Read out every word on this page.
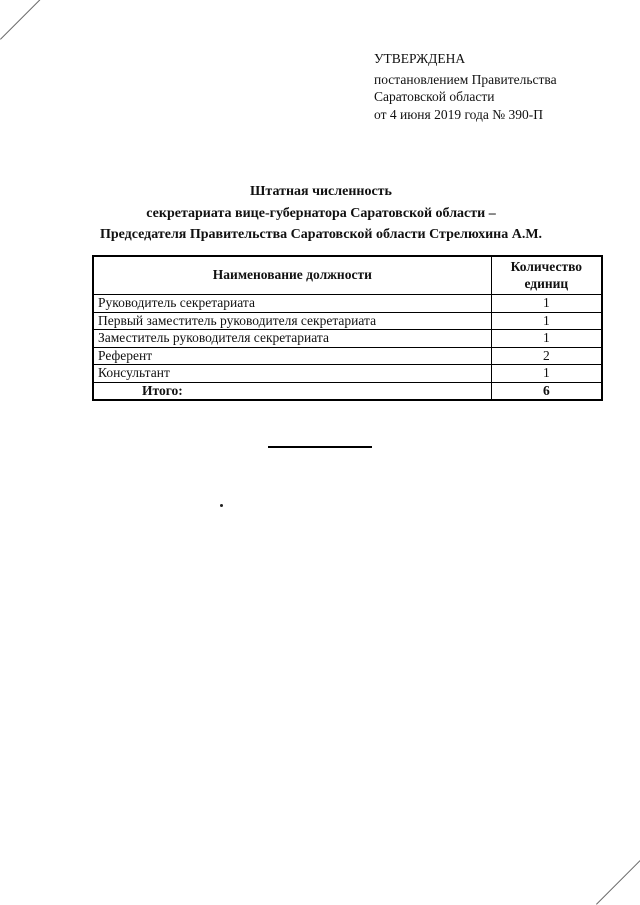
УТВЕРЖДЕНА
постановлением Правительства
Саратовской области
от 4 июня 2019 года № 390-П
Штатная численность
секретариата вице-губернатора Саратовской области –
Председателя Правительства Саратовской области Стрелюхина А.М.
Наименование должности	Количество единиц
Руководитель секретариата	1
Первый заместитель руководителя секретариата	1
Заместитель руководителя секретариата	1
Референт	2
Консультант	1
Итого:	6
